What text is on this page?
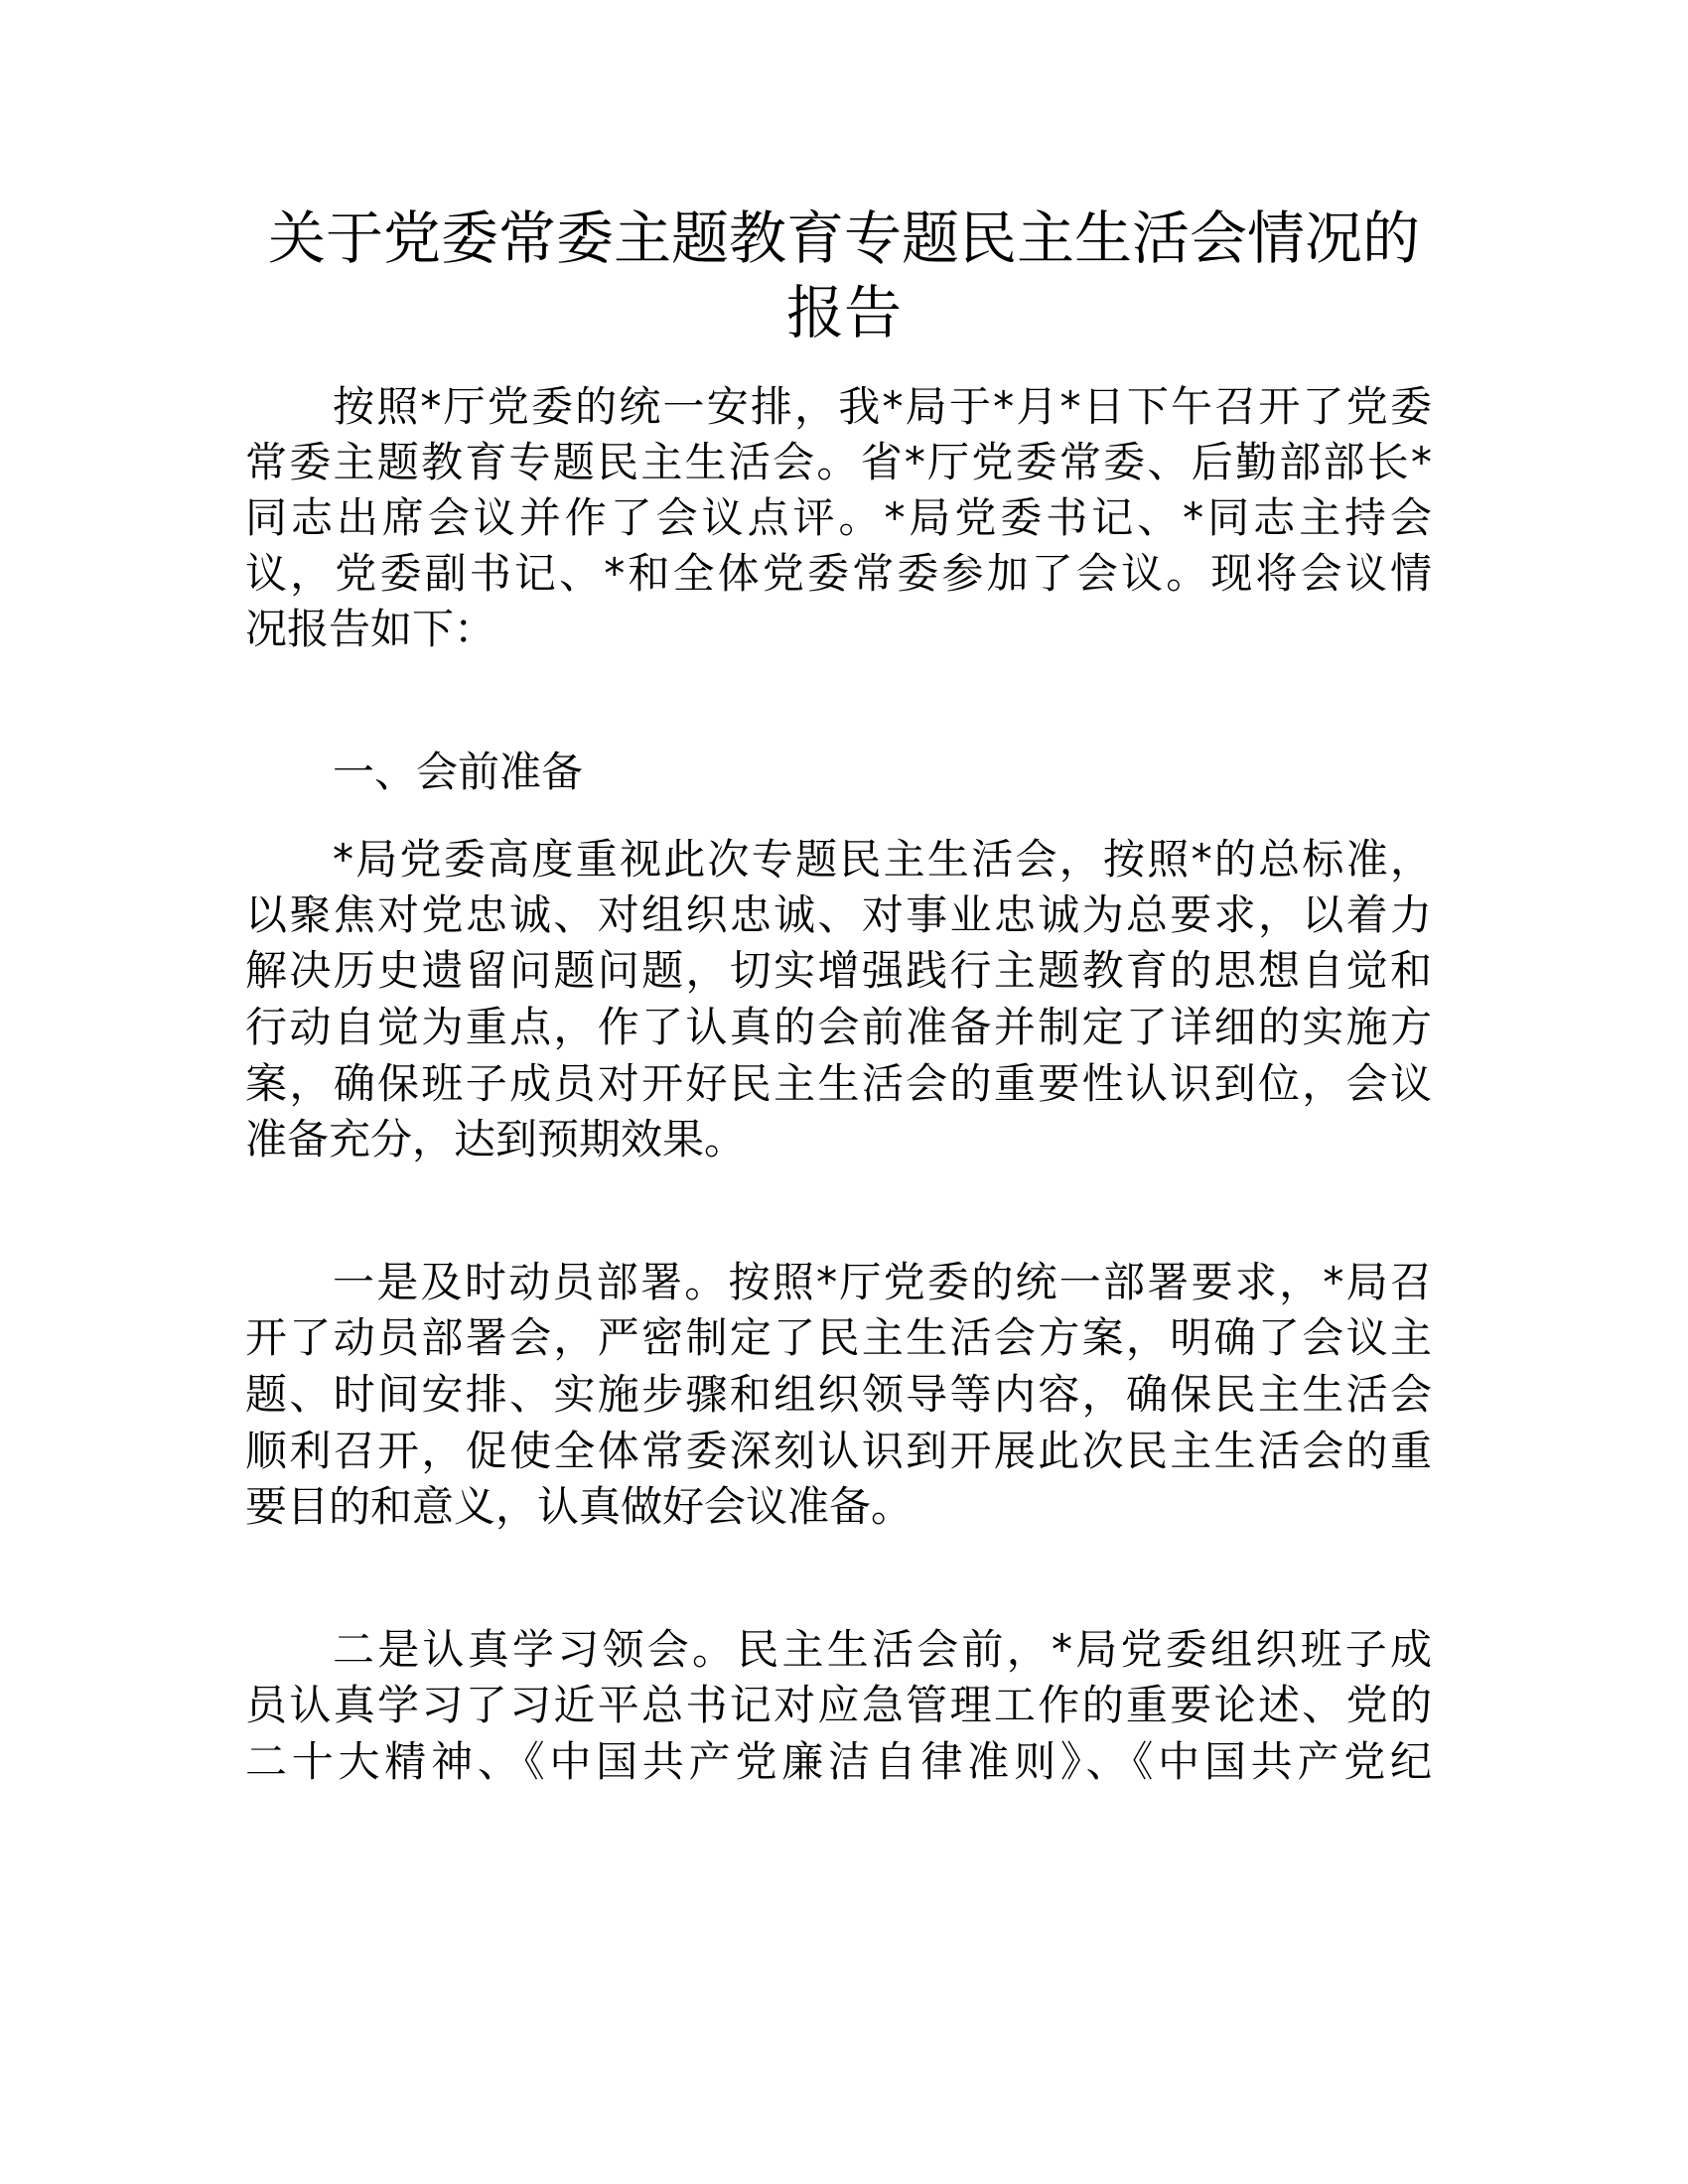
关于党委常委主题教育专题民主生活会情况的
报告
按照*厅党委的统一安排，我*局于*月*日下午召开了党委
常委主题教育专题民主生活会。省*厅党委常委、后勤部部长*
同志出席会议并作了会议点评。*局党委书记、*同志主持会
议，党委副书记、*和全体党委常委参加了会议。现将会议情
况报告如下：
一、会前准备
*局党委高度重视此次专题民主生活会，按照*的总标准，
以聚焦对党忠诚、对组织忠诚、对事业忠诚为总要求，以着力
解决历史遗留问题问题，切实增强践行主题教育的思想自觉和
行动自觉为重点，作了认真的会前准备并制定了详细的实施方
案，确保班子成员对开好民主生活会的重要性认识到位，会议
准备充分，达到预期效果。
一是及时动员部署。按照*厅党委的统一部署要求，*局召
开了动员部署会，严密制定了民主生活会方案，明确了会议主
题、时间安排、实施步骤和组织领导等内容，确保民主生活会
顺利召开，促使全体常委深刻认识到开展此次民主生活会的重
要目的和意义，认真做好会议准备。
二是认真学习领会。民主生活会前，*局党委组织班子成
员认真学习了习近平总书记对应急管理工作的重要论述、党的
二十大精神、《中国共产党廉洁自律准则》、《中国共产党纪
